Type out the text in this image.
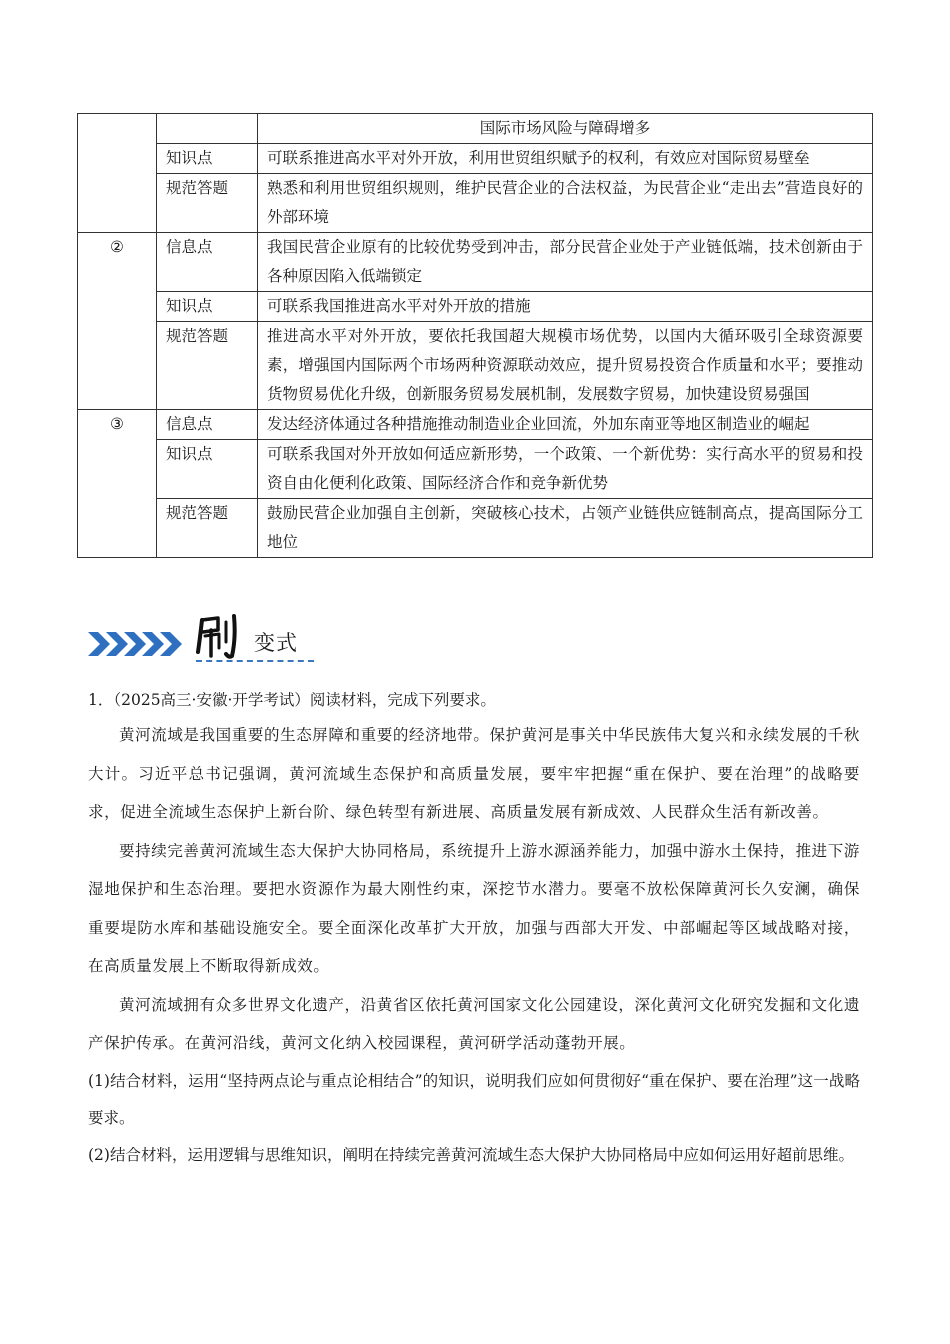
		国际市场风险与障碍增多
	知识点	可联系推进高水平对外开放，利用世贸组织赋予的权利，有效应对国际贸易壁垒
	规范答题	熟悉和利用世贸组织规则，维护民营企业的合法权益，为民营企业“走出去”营造良好的外部环境
②	信息点	我国民营企业原有的比较优势受到冲击，部分民营企业处于产业链低端，技术创新由于各种原因陷入低端锁定
	知识点	可联系我国推进高水平对外开放的措施
	规范答题	推进高水平对外开放，要依托我国超大规模市场优势，以国内大循环吸引全球资源要素，增强国内国际两个市场两种资源联动效应，提升贸易投资合作质量和水平；要推动货物贸易优化升级，创新服务贸易发展机制，发展数字贸易，加快建设贸易强国
③	信息点	发达经济体通过各种措施推动制造业企业回流，外加东南亚等地区制造业的崛起
	知识点	可联系我国对外开放如何适应新形势，一个政策、一个新优势：实行高水平的贸易和投资自由化便利化政策、国际经济合作和竞争新优势
	规范答题	鼓励民营企业加强自主创新，突破核心技术，占领产业链供应链制高点，提高国际分工地位
变式

1．（2025高三·安徽·开学考试）阅读材料，完成下列要求。

黄河流域是我国重要的生态屏障和重要的经济地带。保护黄河是事关中华民族伟大复兴和永续发展的千秋大计。习近平总书记强调，黄河流域生态保护和高质量发展，要牢牢把握“重在保护、要在治理”的战略要求，促进全流域生态保护上新台阶、绿色转型有新进展、高质量发展有新成效、人民群众生活有新改善。

要持续完善黄河流域生态大保护大协同格局，系统提升上游水源涵养能力，加强中游水土保持，推进下游湿地保护和生态治理。要把水资源作为最大刚性约束，深挖节水潜力。要毫不放松保障黄河长久安澜，确保重要堤防水库和基础设施安全。要全面深化改革扩大开放，加强与西部大开发、中部崛起等区域战略对接，在高质量发展上不断取得新成效。

黄河流域拥有众多世界文化遗产，沿黄省区依托黄河国家文化公园建设，深化黄河文化研究发掘和文化遗产保护传承。在黄河沿线，黄河文化纳入校园课程，黄河研学活动蓬勃开展。

(1)结合材料，运用“坚持两点论与重点论相结合”的知识，说明我们应如何贯彻好“重在保护、要在治理”这一战略要求。

(2)结合材料，运用逻辑与思维知识，阐明在持续完善黄河流域生态大保护大协同格局中应如何运用好超前思维。
